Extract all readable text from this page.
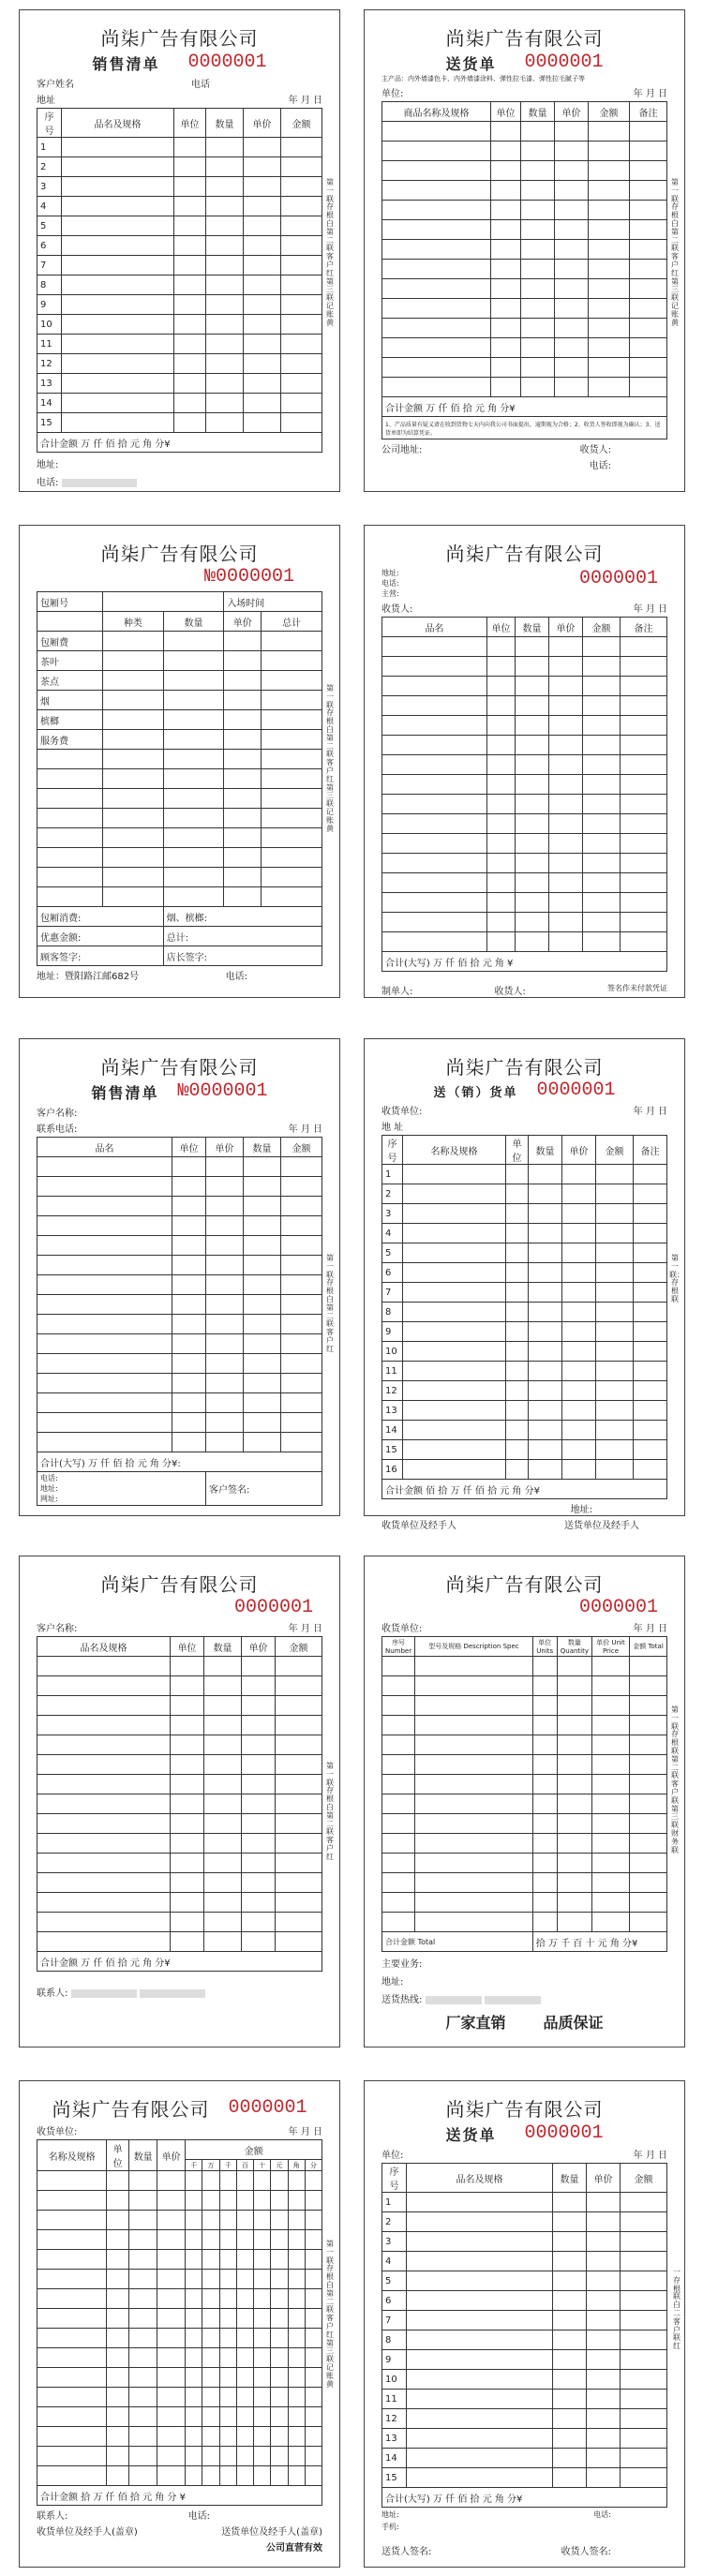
尚柒广告有限公司
销售清单 0000001
客户姓名	电话
地址	年 月 日
序号	品名及规格	单位	数量	单价	金额
1					
2					
3					
4					
5					
6					
7					
8					
9					
10					
11					
12					
13					
14					
15					
合计金额 万 仟 佰 拾 元 角 分¥					
地址:
电话:
第一联存根白 第二联客户红 第三联记账黄
尚柒广告有限公司
送货单 0000001
主产品：内外墙漆色卡、内外墙漆涂料、弹性拉毛漆、弹性拉毛腻子等
单位:	年 月 日
商品名称及规格	单位	数量	单价	金额	备注

合计金额 万 仟 佰 拾 元 角 分¥					
1、产品质量有疑义请在收到货物七天内向我公司书面提出，逾期视为合格；2、收货人签收即视为确认；3、送货单即为结算凭证。					
公司地址:	收货人:
电话:
第一联存根白 第二联客户红 第三联记账黄
尚柒广告有限公司
№0000001
包厢号			入场时间	
	种类	数量	单价	总计
包厢费				
茶叶				
茶点				
烟				
槟榔				
服务费				

包厢消费:		烟、槟榔:		
优惠金额:		总计:		
顾客签字:		店长签字:		
地址：暨阳路江邮682号	电话:
第一联存根白 第二联客户红 第三联记账黄
尚柒广告有限公司
地址:
电话:
主营:
0000001
收货人:	年 月 日
品名	单位	数量	单价	金额	备注

合计(大写) 万 仟 佰 拾 元 角 ¥					
制单人:	收货人:	签名作未付款凭证
尚柒广告有限公司
销售清单 №0000001
客户名称:
联系电话:	年 月 日
品名	单位	单价	数量	金额

合计(大写) 万 仟 佰 拾 元 角 分¥:				
电话:
地址:
网址:		客户签名:		
第一联存根白 第二联客户红
尚柒广告有限公司
送（销）货单 0000001
收货单位:	年 月 日
地 址
序号	名称及规格	单位	数量	单价	金额	备注
1						
2						
3						
4						
5						
6						
7						
8						
9						
10						
11						
12						
13						
14						
15						
16						
合计金额 佰 拾 万 仟 佰 拾 元 角 分¥						
地址:
收货单位及经手人	送货单位及经手人
第一联：存根联
尚柒广告有限公司
0000001
客户名称:	年 月 日
品名及规格	单位	数量	单价	金额

合计金额 万 仟 佰 拾 元 角 分¥				
联系人:
第一联存根白 第二联客户红
尚柒广告有限公司
0000001
收货单位:	年 月 日
序号 Number	型号及规格 Description Spec	单位 Units	数量 Quantity	单价 Unit Price	金额 Total

合计金额 Total		拾 万 千 百 十 元 角 分¥			
主要业务:
地址:
送货热线:
厂家直销	品质保证
第一联存根联 第二联客户联 第三联财务联
尚柒广告有限公司 0000001
收货单位:	年 月 日
名称及规格	单位	数量	单价	金额							
				千	万	千	百	十	元	角	分

合计金额 拾 万 仟 佰 拾 元 角 分 ¥											
联系人:	电话:
收货单位及经手人(盖章)	送货单位及经手人(盖章)
公司直营有效
第一联存根白 第二联客户红 第三联记账黄
尚柒广告有限公司
送货单 0000001
单位:	年 月 日
序号	品名及规格	数量	单价	金额
1				
2				
3				
4				
5				
6				
7				
8				
9				
10				
11				
12				
13				
14				
15				
合计(大写) 万 仟 佰 拾 元 角 分¥				
地址:	电话:
手机:
送货人签名:	收货人签名:
一存根联白 二客户联红
